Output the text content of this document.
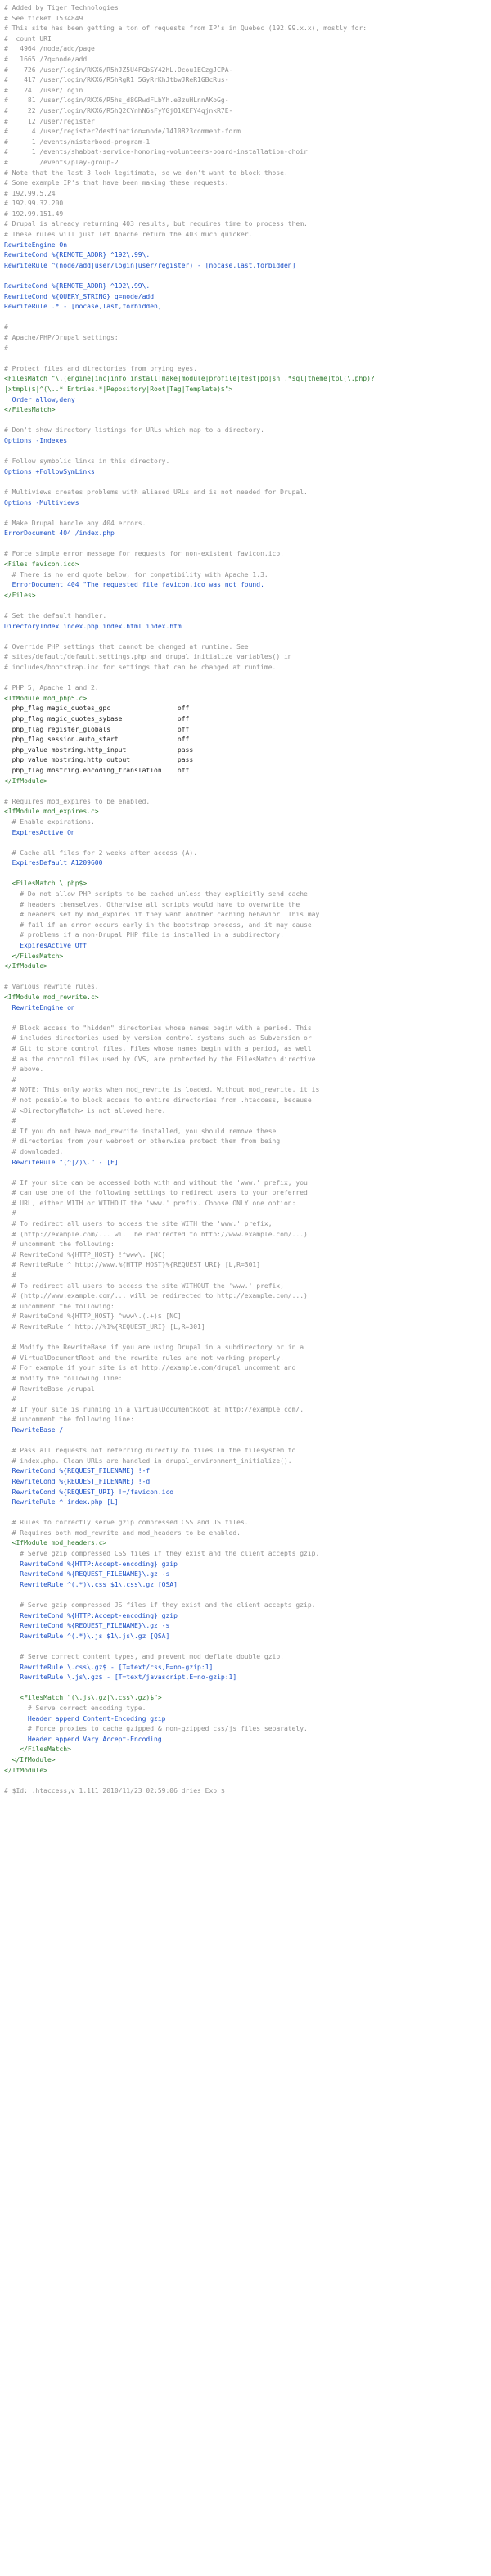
# Added by Tiger Technologies
# See ticket 1534849
# This site has been getting a ton of requests from IP's in Quebec (192.99.x.x), mostly for:
#  count URI
#   4964 /node/add/page
#   1665 /?q=node/add
#    726 /user/login/RKX6/R5hJZ5U4FGbSY42hL.Ocou1ECzgJCPA-
#    417 /user/login/RKX6/R5hRgR1_5GyRrKhJtbwJReR1GBcRus-
#    241 /user/login
#     81 /user/login/RKX6/R5hs_d8GRwdFLbYh.e3zuHLnnAKoGg-
#     22 /user/login/RKX6/R5hQ2CYnhN6sFyYGjO1XEFY4qjnkR7E-
#     12 /user/register
#      4 /user/register?destination=node/1410823comment-form
#      1 /events/misterbood-program-1
#      1 /events/shabbat-service-honoring-volunteers-board-installation-choir
#      1 /events/play-group-2
# Note that the last 3 look legitimate, so we don't want to block those.
# Some example IP's that have been making these requests:
# 192.99.5.24
# 192.99.32.200
# 192.99.151.49
# Drupal is already returning 403 results, but requires time to process them.
# These rules will just let Apache return the 403 much quicker.
RewriteEngine On
RewriteCond %{REMOTE_ADDR} ^192\.99\.
RewriteRule ^(node/add|user/login|user/register) - [nocase,last,forbidden]

RewriteCond %{REMOTE_ADDR} ^192\.99\.
RewriteCond %{QUERY_STRING} q=node/add
RewriteRule .* - [nocase,last,forbidden]

#
# Apache/PHP/Drupal settings:
#

# Protect files and directories from prying eyes.
<FilesMatch "\.(engine|inc|info|install|make|module|profile|test|po|sh|.*sql|theme|tpl(\.php)?
|xtmpl)$|^(\..*|Entries.*|Repository|Root|Tag|Template)$">
Order allow,deny
</FilesMatch>

# Don't show directory listings for URLs which map to a directory.
Options -Indexes

# Follow symbolic links in this directory.
Options +FollowSymLinks

# Multiviews creates problems with aliased URLs and is not needed for Drupal.
Options -Multiviews

# Make Drupal handle any 404 errors.
ErrorDocument 404 /index.php

# Force simple error message for requests for non-existent favicon.ico.
<Files favicon.ico>
# There is no end quote below, for compatibility with Apache 1.3.
ErrorDocument 404 "The requested file favicon.ico was not found.
</Files>

# Set the default handler.
DirectoryIndex index.php index.html index.htm

# Override PHP settings that cannot be changed at runtime. See
# sites/default/default.settings.php and drupal_initialize_variables() in
# includes/bootstrap.inc for settings that can be changed at runtime.

# PHP 5, Apache 1 and 2.
<IfModule mod_php5.c>
php_flag magic_quotes_gpc                 off
php_flag magic_quotes_sybase              off
php_flag register_globals                 off
php_flag session.auto_start               off
php_value mbstring.http_input             pass
php_value mbstring.http_output            pass
php_flag mbstring.encoding_translation    off
</IfModule>

# Requires mod_expires to be enabled.
<IfModule mod_expires.c>
# Enable expirations.
ExpiresActive On

# Cache all files for 2 weeks after access (A).
ExpiresDefault A1209600

<FilesMatch \.php$>
# Do not allow PHP scripts to be cached unless they explicitly send cache
# headers themselves. Otherwise all scripts would have to overwrite the
# headers set by mod_expires if they want another caching behavior. This may
# fail if an error occurs early in the bootstrap process, and it may cause
# problems if a non-Drupal PHP file is installed in a subdirectory.
ExpiresActive Off
</FilesMatch>
</IfModule>

# Various rewrite rules.
<IfModule mod_rewrite.c>
RewriteEngine on

# Block access to "hidden" directories whose names begin with a period. This
# includes directories used by version control systems such as Subversion or
# Git to store control files. Files whose names begin with a period, as well
# as the control files used by CVS, are protected by the FilesMatch directive
# above.
#
# NOTE: This only works when mod_rewrite is loaded. Without mod_rewrite, it is
# not possible to block access to entire directories from .htaccess, because
# <DirectoryMatch> is not allowed here.
#
# If you do not have mod_rewrite installed, you should remove these
# directories from your webroot or otherwise protect them from being
# downloaded.
RewriteRule "(^|/)\." - [F]

# If your site can be accessed both with and without the 'www.' prefix, you
# can use one of the following settings to redirect users to your preferred
# URL, either WITH or WITHOUT the 'www.' prefix. Choose ONLY one option:
#
# To redirect all users to access the site WITH the 'www.' prefix,
# (http://example.com/... will be redirected to http://www.example.com/...)
# uncomment the following:
# RewriteCond %{HTTP_HOST} !^www\. [NC]
# RewriteRule ^ http://www.%{HTTP_HOST}%{REQUEST_URI} [L,R=301]
#
# To redirect all users to access the site WITHOUT the 'www.' prefix,
# (http://www.example.com/... will be redirected to http://example.com/...)
# uncomment the following:
# RewriteCond %{HTTP_HOST} ^www\.(.+)$ [NC]
# RewriteRule ^ http://%1%{REQUEST_URI} [L,R=301]

# Modify the RewriteBase if you are using Drupal in a subdirectory or in a
# VirtualDocumentRoot and the rewrite rules are not working properly.
# For example if your site is at http://example.com/drupal uncomment and
# modify the following line:
# RewriteBase /drupal
#
# If your site is running in a VirtualDocumentRoot at http://example.com/,
# uncomment the following line:
RewriteBase /

# Pass all requests not referring directly to files in the filesystem to
# index.php. Clean URLs are handled in drupal_environment_initialize().
RewriteCond %{REQUEST_FILENAME} !-f
RewriteCond %{REQUEST_FILENAME} !-d
RewriteCond %{REQUEST_URI} !=/favicon.ico
RewriteRule ^ index.php [L]

# Rules to correctly serve gzip compressed CSS and JS files.
# Requires both mod_rewrite and mod_headers to be enabled.
<IfModule mod_headers.c>
# Serve gzip compressed CSS files if they exist and the client accepts gzip.
RewriteCond %{HTTP:Accept-encoding} gzip
RewriteCond %{REQUEST_FILENAME}\.gz -s
RewriteRule ^(.*)\.css $1\.css\.gz [QSA]

# Serve gzip compressed JS files if they exist and the client accepts gzip.
RewriteCond %{HTTP:Accept-encoding} gzip
RewriteCond %{REQUEST_FILENAME}\.gz -s
RewriteRule ^(.*)\.js $1\.js\.gz [QSA]

# Serve correct content types, and prevent mod_deflate double gzip.
RewriteRule \.css\.gz$ - [T=text/css,E=no-gzip:1]
RewriteRule \.js\.gz$ - [T=text/javascript,E=no-gzip:1]

<FilesMatch "(\.js\.gz|\.css\.gz)$">
# Serve correct encoding type.
Header append Content-Encoding gzip
# Force proxies to cache gzipped & non-gzipped css/js files separately.
Header append Vary Accept-Encoding
</FilesMatch>
</IfModule>
</IfModule>

# $Id: .htaccess,v 1.111 2010/11/23 02:59:06 dries Exp $
